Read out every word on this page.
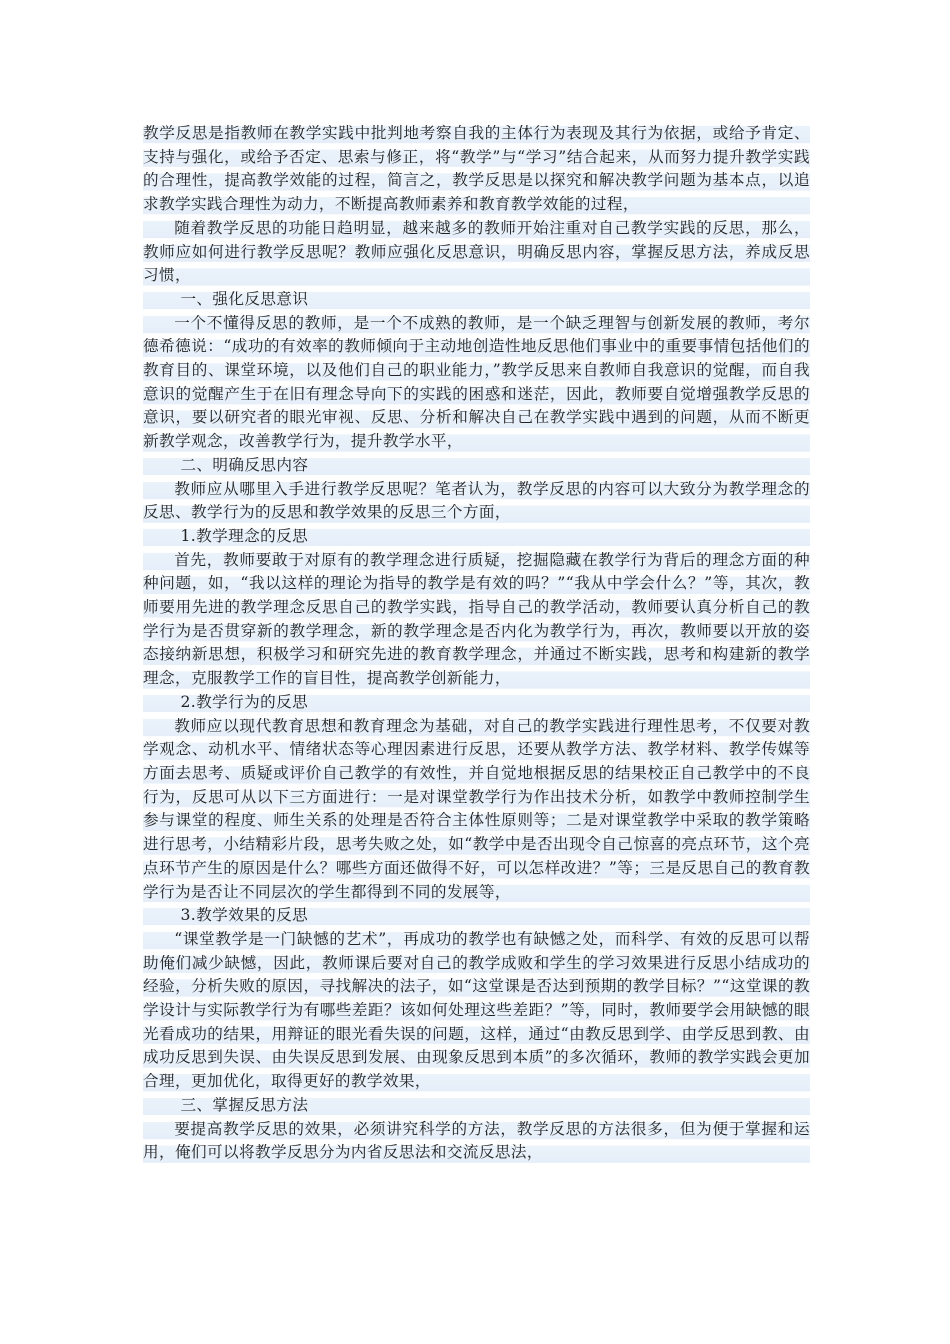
教学反思是指教师在教学实践中批判地考察自我的主体行为表现及其行为依据，或给予肯定、支持与强化，或给予否定、思索与修正，将“教学”与“学习”结合起来，从而努力提升教学实践的合理性，提高教学效能的过程，简言之，教学反思是以探究和解决教学问题为基本点，以追求教学实践合理性为动力，不断提高教师素养和教育教学效能的过程，

随着教学反思的功能日趋明显，越来越多的教师开始注重对自己教学实践的反思，那么，教师应如何进行教学反思呢？教师应强化反思意识，明确反思内容，掌握反思方法，养成反思习惯，

一、强化反思意识

一个不懂得反思的教师，是一个不成熟的教师，是一个缺乏理智与创新发展的教师，考尔德希德说：“成功的有效率的教师倾向于主动地创造性地反思他们事业中的重要事情包括他们的教育目的、课堂环境，以及他们自己的职业能力，”教学反思来自教师自我意识的觉醒，而自我意识的觉醒产生于在旧有理念导向下的实践的困惑和迷茫，因此，教师要自觉增强教学反思的意识，要以研究者的眼光审视、反思、分析和解决自己在教学实践中遇到的问题，从而不断更新教学观念，改善教学行为，提升教学水平，

二、明确反思内容

教师应从哪里入手进行教学反思呢？笔者认为，教学反思的内容可以大致分为教学理念的反思、教学行为的反思和教学效果的反思三个方面，

1.教学理念的反思

首先，教师要敢于对原有的教学理念进行质疑，挖掘隐藏在教学行为背后的理念方面的种种问题，如，“我以这样的理论为指导的教学是有效的吗？”“我从中学会什么？”等，其次，教师要用先进的教学理念反思自己的教学实践，指导自己的教学活动，教师要认真分析自己的教学行为是否贯穿新的教学理念，新的教学理念是否内化为教学行为，再次，教师要以开放的姿态接纳新思想，积极学习和研究先进的教育教学理念，并通过不断实践，思考和构建新的教学理念，克服教学工作的盲目性，提高教学创新能力，

2.教学行为的反思

教师应以现代教育思想和教育理念为基础，对自己的教学实践进行理性思考，不仅要对教学观念、动机水平、情绪状态等心理因素进行反思，还要从教学方法、教学材料、教学传媒等方面去思考、质疑或评价自己教学的有效性，并自觉地根据反思的结果校正自己教学中的不良行为，反思可从以下三方面进行：一是对课堂教学行为作出技术分析，如教学中教师控制学生参与课堂的程度、师生关系的处理是否符合主体性原则等；二是对课堂教学中采取的教学策略进行思考，小结精彩片段，思考失败之处，如“教学中是否出现令自己惊喜的亮点环节，这个亮点环节产生的原因是什么？哪些方面还做得不好，可以怎样改进？”等；三是反思自己的教育教学行为是否让不同层次的学生都得到不同的发展等，

3.教学效果的反思

“课堂教学是一门缺憾的艺术”，再成功的教学也有缺憾之处，而科学、有效的反思可以帮助俺们减少缺憾，因此，教师课后要对自己的教学成败和学生的学习效果进行反思小结成功的经验，分析失败的原因，寻找解决的法子，如“这堂课是否达到预期的教学目标？”“这堂课的教学设计与实际教学行为有哪些差距？该如何处理这些差距？”等，同时，教师要学会用缺憾的眼光看成功的结果，用辩证的眼光看失误的问题，这样，通过“由教反思到学、由学反思到教、由成功反思到失误、由失误反思到发展、由现象反思到本质”的多次循环，教师的教学实践会更加合理，更加优化，取得更好的教学效果，

三、掌握反思方法

要提高教学反思的效果，必须讲究科学的方法，教学反思的方法很多，但为便于掌握和运用，俺们可以将教学反思分为内省反思法和交流反思法，
